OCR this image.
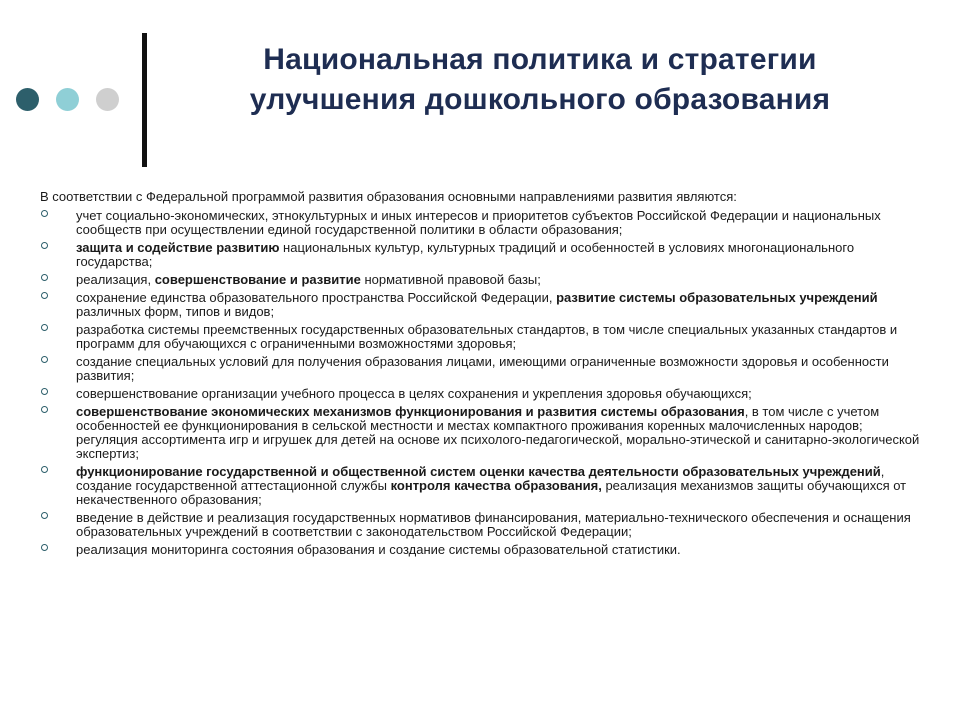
Национальная политика и стратегии
улучшения дошкольного образования

В соответствии с Федеральной программой развития образования основными направлениями развития являются:

учет социально-экономических, этнокультурных и иных интересов и приоритетов субъектов Российской Федерации и национальных сообществ при осуществлении единой государственной политики в области образования;
защита и содействие развитию национальных культур, культурных традиций и особенностей в условиях многонационального государства;
реализация, совершенствование и развитие нормативной правовой базы;
сохранение единства образовательного пространства Российской Федерации, развитие системы образовательных учреждений различных форм, типов и видов;
разработка системы преемственных государственных образовательных стандартов, в том числе специальных указанных стандартов и программ для обучающихся с ограниченными возможностями здоровья;
создание специальных условий для получения образования лицами, имеющими ограниченные возможности здоровья и особенности развития;
совершенствование организации учебного процесса в целях сохранения и укрепления здоровья обучающихся;
совершенствование экономических механизмов функционирования и развития системы образования, в том числе с учетом особенностей ее функционирования в сельской местности и местах компактного проживания коренных малочисленных народов;
регуляция ассортимента игр и игрушек для детей на основе их психолого-педагогической, морально-этической и санитарно-экологической экспертиз;
функционирование государственной и общественной систем оценки качества деятельности образовательных учреждений, создание государственной аттестационной службы контроля качества образования, реализация механизмов защиты обучающихся от некачественного образования;
введение в действие и реализация государственных нормативов финансирования, материально-технического обеспечения и оснащения образовательных учреждений в соответствии с законодательством Российской Федерации;
реализация мониторинга состояния образования и создание системы образовательной статистики.
